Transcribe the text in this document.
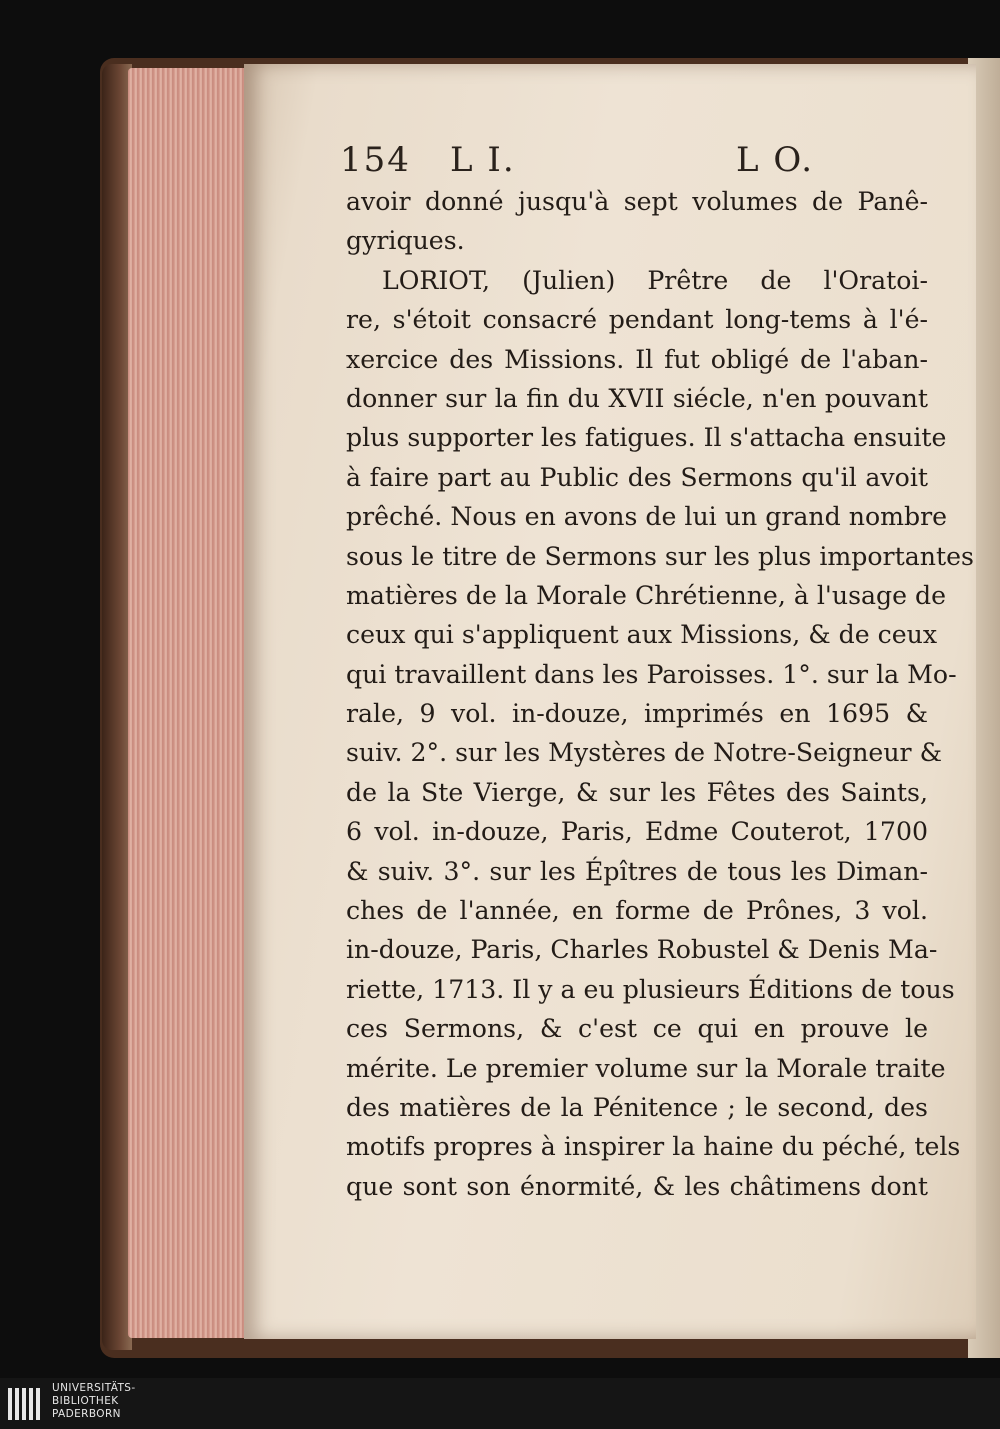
154 L I.	L O.
avoir donné jusqu'à sept volumes de Panê-
gyriques.
LORIOT, (Julien) Prêtre de l'Oratoi-
re, s'étoit consacré pendant long-tems à l'é-
xercice des Missions. Il fut obligé de l'aban-
donner sur la fin du XVII siécle, n'en pouvant
plus supporter les fatigues. Il s'attacha ensuite
à faire part au Public des Sermons qu'il avoit
prêché. Nous en avons de lui un grand nombre
sous le titre de Sermons sur les plus importantes
matières de la Morale Chrétienne, à l'usage de
ceux qui s'appliquent aux Missions, & de ceux
qui travaillent dans les Paroisses. 1°. sur la Mo-
rale, 9 vol. in-douze, imprimés en 1695 &
suiv. 2°. sur les Mystères de Notre-Seigneur &
de la Ste Vierge, & sur les Fêtes des Saints,
6 vol. in-douze, Paris, Edme Couterot, 1700
& suiv. 3°. sur les Épîtres de tous les Diman-
ches de l'année, en forme de Prônes, 3 vol.
in-douze, Paris, Charles Robustel & Denis Ma-
riette, 1713. Il y a eu plusieurs Éditions de tous
ces Sermons, & c'est ce qui en prouve le
mérite. Le premier volume sur la Morale traite
des matières de la Pénitence ; le second, des
motifs propres à inspirer la haine du péché, tels
que sont son énormité, & les châtimens dont
UNIVERSITÄTS-
BIBLIOTHEK
PADERBORN
